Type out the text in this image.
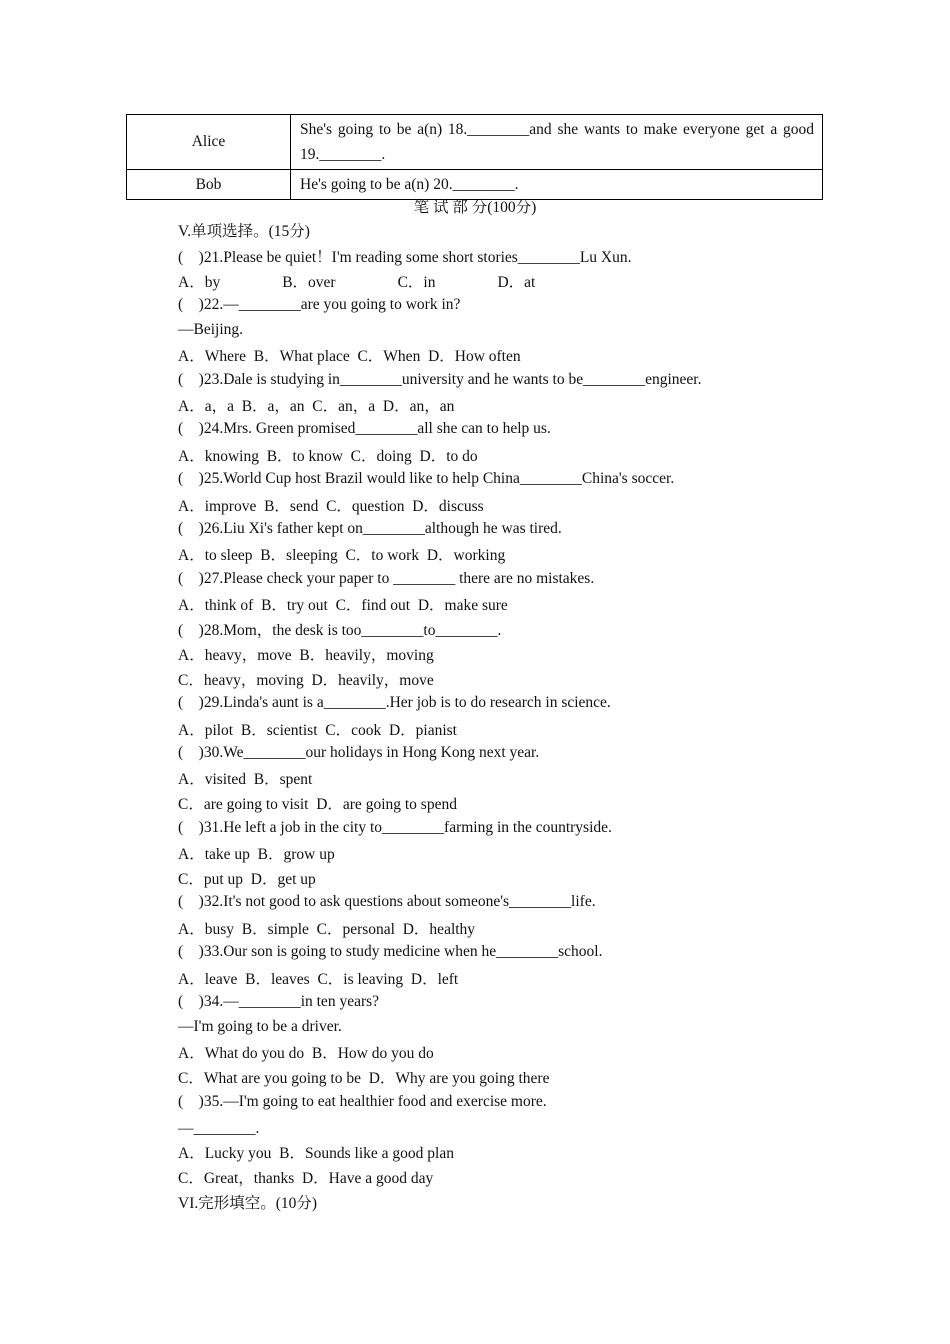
Alice	She's going to be a(n) 18.________and she wants to make everyone get a good 19.________.
Bob	He's going to be a(n) 20.________.
笔 试 部 分(100分)
V.单项选择。(15分)
(　)21.Please be quiet！I'm reading some short stories________Lu Xun.
A．by　　　　B．over　　　　C．in　　　　D．at
(　)22.—________are you going to work in?
—Beijing.
A．Where  B．What place  C．When  D．How often
(　)23.Dale is studying in________university and he wants to be________engineer.
A．a，a  B．a，an  C．an，a  D．an，an
(　)24.Mrs. Green promised________all she can to help us.
A．knowing  B．to know  C．doing  D．to do
(　)25.World Cup host Brazil would like to help China________China's soccer.
A．improve  B．send  C．question  D．discuss
(　)26.Liu Xi's father kept on________although he was tired.
A．to sleep  B．sleeping  C．to work  D．working
(　)27.Please check your paper to ________ there are no mistakes.
A．think of  B．try out  C．find out  D．make sure
(　)28.Mom，the desk is too________to________.
A．heavy，move  B．heavily，moving
C．heavy，moving  D．heavily，move
(　)29.Linda's aunt is a________.Her job is to do research in science.
A．pilot  B．scientist  C．cook  D．pianist
(　)30.We________our holidays in Hong Kong next year.
A．visited  B．spent
C．are going to visit  D．are going to spend
(　)31.He left a job in the city to________farming in the countryside.
A．take up  B．grow up
C．put up  D．get up
(　)32.It's not good to ask questions about someone's________life.
A．busy  B．simple  C．personal  D．healthy
(　)33.Our son is going to study medicine when he________school.
A．leave  B．leaves  C．is leaving  D．left
(　)34.—________in ten years?
—I'm going to be a driver.
A．What do you do  B．How do you do
C．What are you going to be  D．Why are you going there
(　)35.—I'm going to eat healthier food and exercise more.
—________.
A．Lucky you  B．Sounds like a good plan
C．Great，thanks  D．Have a good day
VI.完形填空。(10分)
